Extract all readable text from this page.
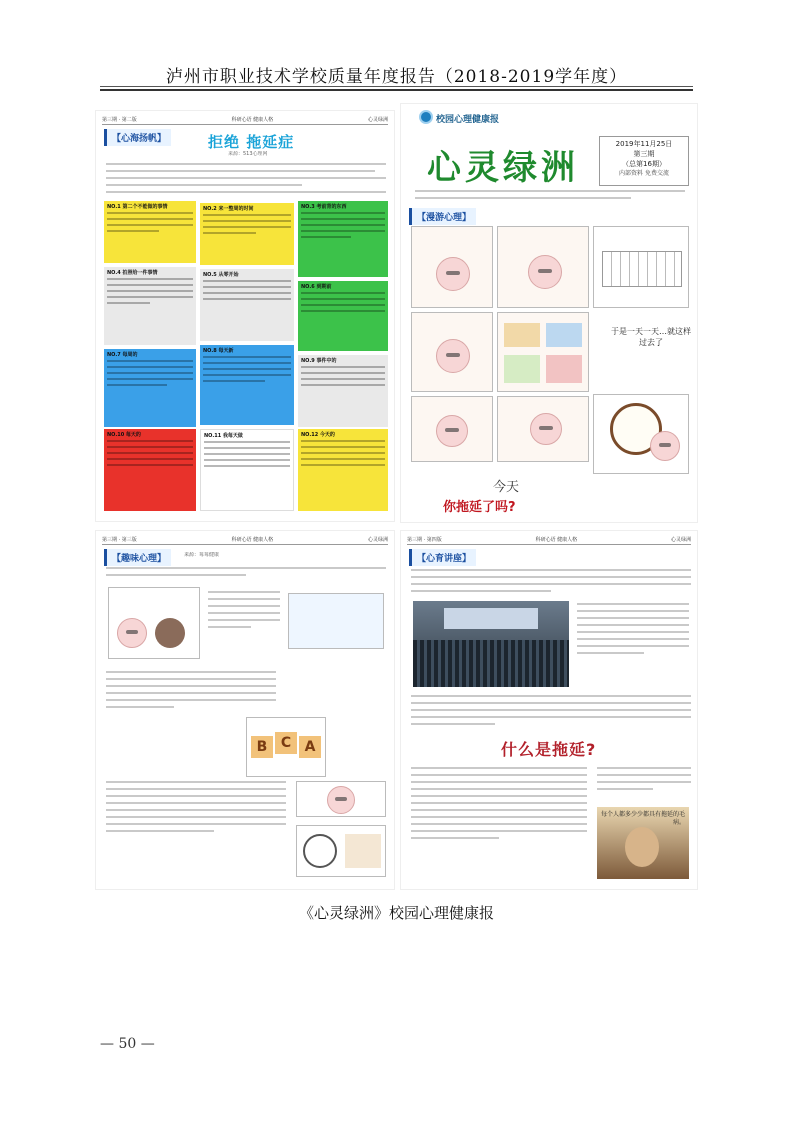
泸州市职业技术学校质量年度报告（2018-2019学年度）
第三期 · 第二版	科研心语 健康人格	心灵绿洲
【心海扬帆】	拒绝 拖延症
来源：513心理网
NO.1 第二个不能做的事情
NO.4 拍照给一件事情
NO.7 每周的
NO.10 每天的
NO.2 来一整周的时间
NO.5 从零开始
NO.8 每天新
NO.11 我每天做
NO.3 考前背的东西
NO.6 到期前
NO.9 事件中的
NO.12 今天的
校园心理健康报
心灵绿洲
2019年11月25日
第三期
（总第16期）
内部资料 免费交流
【漫游心理】
于是一天一天…就这样过去了
今天
你拖延了吗?
第三期 · 第三版	科研心语 健康人格	心灵绿洲
【趣味心理】	来源：每每健康
B C A
第三期 · 第四版	科研心语 健康人格	心灵绿洲
【心育讲座】
什么是拖延?
每个人都多少少都具有拖延的毛病。
《心灵绿洲》校园心理健康报
— 50 —
